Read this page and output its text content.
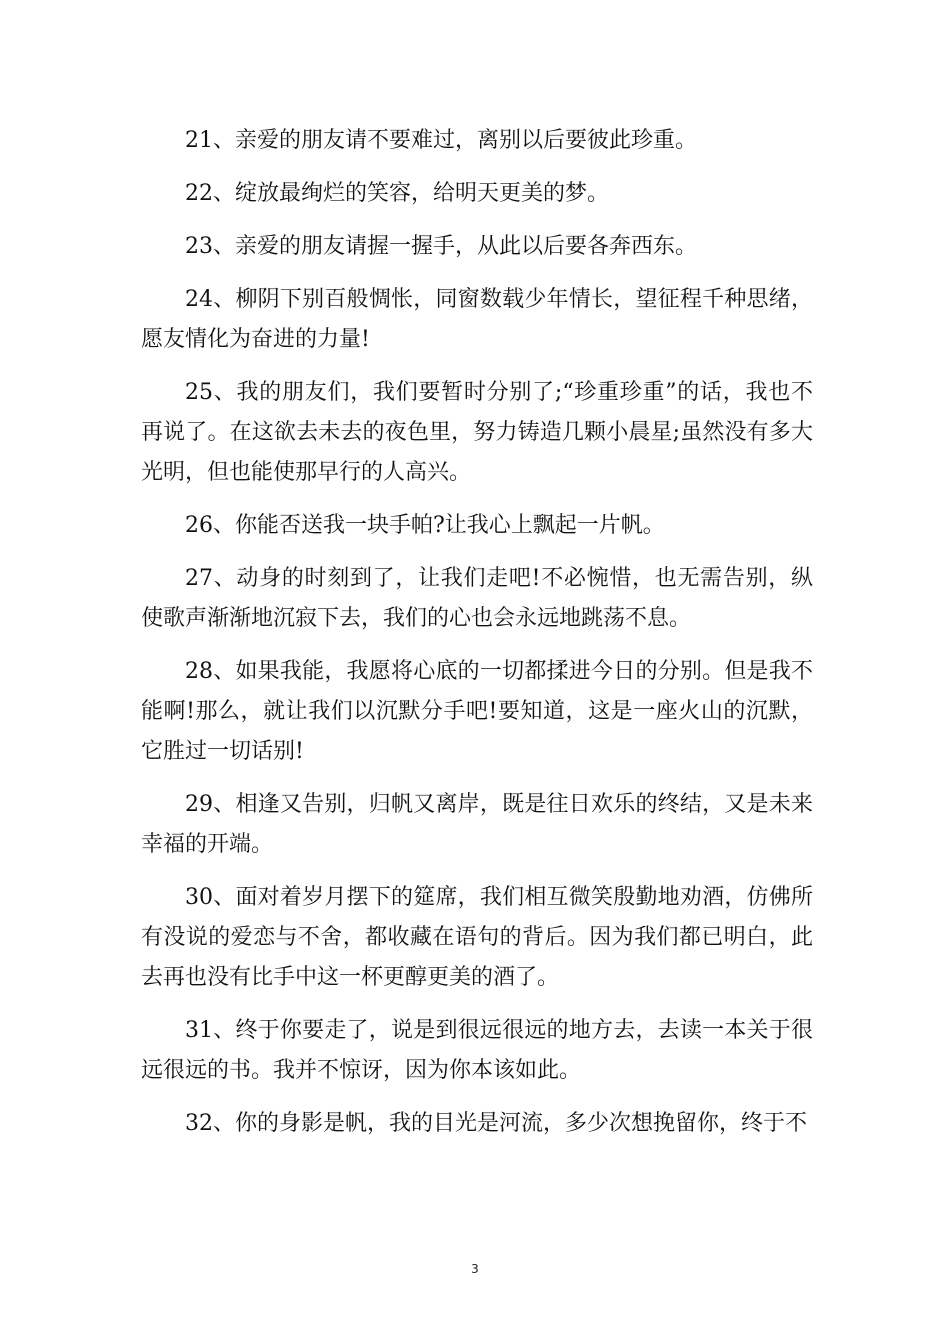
21、亲爱的朋友请不要难过，离别以后要彼此珍重。

22、绽放最绚烂的笑容，给明天更美的梦。

23、亲爱的朋友请握一握手，从此以后要各奔西东。

24、柳阴下别百般惆怅，同窗数载少年情长，望征程千种思绪，愿友情化为奋进的力量!

25、我的朋友们，我们要暂时分别了;“珍重珍重”的话，我也不再说了。在这欲去未去的夜色里，努力铸造几颗小晨星;虽然没有多大光明，但也能使那早行的人高兴。

26、你能否送我一块手帕?让我心上飘起一片帆。

27、动身的时刻到了，让我们走吧!不必惋惜，也无需告别，纵使歌声渐渐地沉寂下去，我们的心也会永远地跳荡不息。

28、如果我能，我愿将心底的一切都揉进今日的分别。但是我不能啊!那么，就让我们以沉默分手吧!要知道，这是一座火山的沉默，它胜过一切话别!

29、相逢又告别，归帆又离岸，既是往日欢乐的终结，又是未来幸福的开端。

30、面对着岁月摆下的筵席，我们相互微笑殷勤地劝酒，仿佛所有没说的爱恋与不舍，都收藏在语句的背后。因为我们都已明白，此去再也没有比手中这一杯更醇更美的酒了。

31、终于你要走了，说是到很远很远的地方去，去读一本关于很远很远的书。我并不惊讶，因为你本该如此。

32、你的身影是帆，我的目光是河流，多少次想挽留你，终于不

3
